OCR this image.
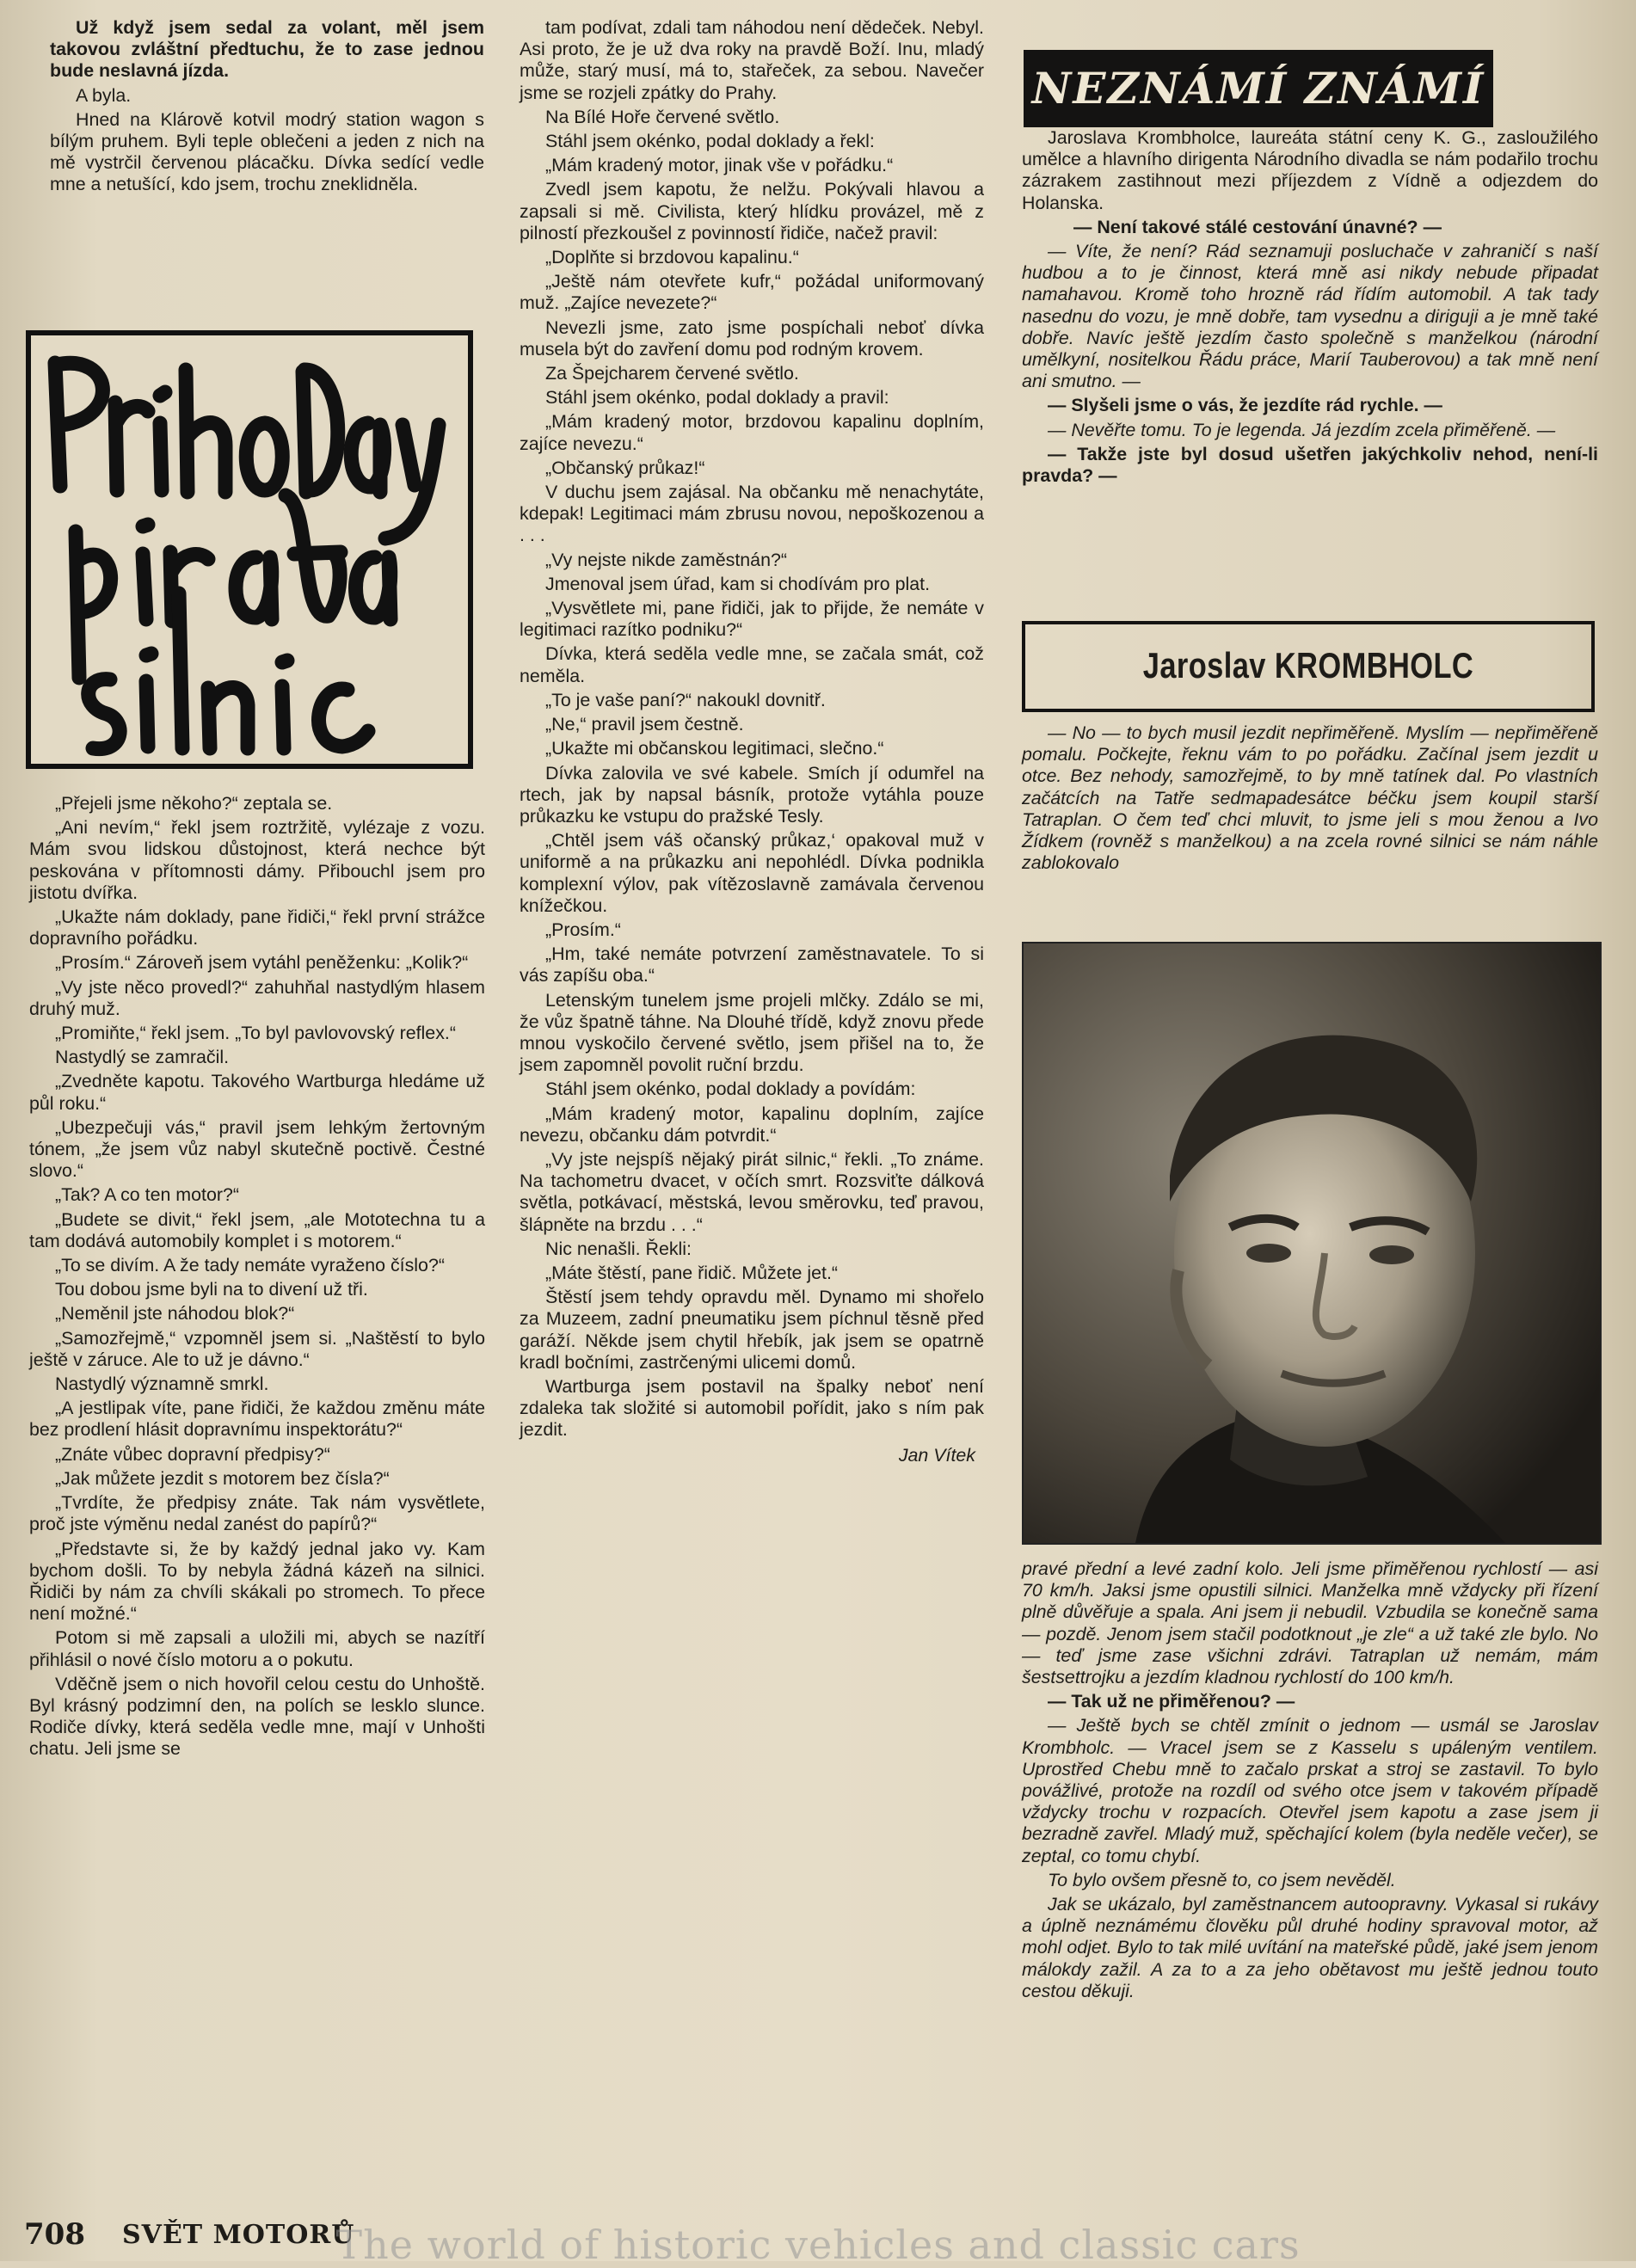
Už když jsem sedal za volant, měl jsem takovou zvláštní předtuchu, že to zase jednou bude neslavná jízda.

A byla.

Hned na Klárově kotvil modrý station wagon s bílým pruhem. Byli teple oblečeni a jeden z nich na mě vystrčil červenou plácačku. Dívka sedící vedle mne a netušící, kdo jsem, trochu zneklidněla.

„Přejeli jsme někoho?“ zeptala se.

„Ani nevím,“ řekl jsem roztržitě, vylézaje z vozu. Mám svou lidskou důstojnost, která nechce být peskována v přítomnosti dámy. Přibouchl jsem pro jistotu dvířka.

„Ukažte nám doklady, pane řidiči,“ řekl první strážce dopravního pořádku.

„Prosím.“ Zároveň jsem vytáhl peněženku: „Kolik?“

„Vy jste něco provedl?“ zahuhňal nastydlým hlasem druhý muž.

„Promiňte,“ řekl jsem. „To byl pavlovovský reflex.“

Nastydlý se zamračil.

„Zvedněte kapotu. Takového Wartburga hledáme už půl roku.“

„Ubezpečuji vás,“ pravil jsem lehkým žertovným tónem, „že jsem vůz nabyl skutečně poctivě. Čestné slovo.“

„Tak? A co ten motor?“

„Budete se divit,“ řekl jsem, „ale Mototechna tu a tam dodává automobily komplet i s motorem.“

„To se divím. A že tady nemáte vyraženo číslo?“

Tou dobou jsme byli na to divení už tři.

„Neměnil jste náhodou blok?“

„Samozřejmě,“ vzpomněl jsem si. „Naštěstí to bylo ještě v záruce. Ale to už je dávno.“

Nastydlý významně smrkl.

„A jestlipak víte, pane řidiči, že každou změnu máte bez prodlení hlásit dopravnímu inspektorátu?“

„Znáte vůbec dopravní předpisy?“

„Jak můžete jezdit s motorem bez čísla?“

„Tvrdíte, že předpisy znáte. Tak nám vysvětlete, proč jste výměnu nedal zanést do papírů?“

„Představte si, že by každý jednal jako vy. Kam bychom došli. To by nebyla žádná kázeň na silnici. Řidiči by nám za chvíli skákali po stromech. To přece není možné.“

Potom si mě zapsali a uložili mi, abych se nazítří přihlásil o nové číslo motoru a o pokutu.

Vděčně jsem o nich hovořil celou cestu do Unhoště. Byl krásný podzimní den, na polích se lesklo slunce. Rodiče dívky, která seděla vedle mne, mají v Unhošti chatu. Jeli jsme se

tam podívat, zdali tam náhodou není dědeček. Nebyl. Asi proto, že je už dva roky na pravdě Boží. Inu, mladý může, starý musí, má to, stařeček, za sebou. Navečer jsme se rozjeli zpátky do Prahy.

Na Bílé Hoře červené světlo.

Stáhl jsem okénko, podal doklady a řekl:

„Mám kradený motor, jinak vše v pořádku.“

Zvedl jsem kapotu, že nelžu. Pokývali hlavou a zapsali si mě. Civilista, který hlídku provázel, mě z pilností přezkoušel z povinností řidiče, načež pravil:

„Doplňte si brzdovou kapalinu.“

„Ještě nám otevřete kufr,“ požádal uniformovaný muž. „Zajíce nevezete?“

Nevezli jsme, zato jsme pospíchali neboť dívka musela být do zavření domu pod rodným krovem.

Za Špejcharem červené světlo.

Stáhl jsem okénko, podal doklady a pravil:

„Mám kradený motor, brzdovou kapalinu doplním, zajíce nevezu.“

„Občanský průkaz!“

V duchu jsem zajásal. Na občanku mě nenachytáte, kdepak! Legitimaci mám zbrusu novou, nepoškozenou a . . .

„Vy nejste nikde zaměstnán?“

Jmenoval jsem úřad, kam si chodívám pro plat.

„Vysvětlete mi, pane řidiči, jak to přijde, že nemáte v legitimaci razítko podniku?“

Dívka, která seděla vedle mne, se začala smát, což neměla.

„To je vaše paní?“ nakoukl dovnitř.

„Ne,“ pravil jsem čestně.

„Ukažte mi občanskou legitimaci, slečno.“

Dívka zalovila ve své kabele. Smích jí odumřel na rtech, jak by napsal básník, protože vytáhla pouze průkazku ke vstupu do pražské Tesly.

„Chtěl jsem váš očanský průkaz,‘ opakoval muž v uniformě a na průkazku ani nepohlédl. Dívka podnikla komplexní výlov, pak vítězoslavně zamávala červenou knížečkou.

„Prosím.“

„Hm, také nemáte potvrzení zaměstnavatele. To si vás zapíšu oba.“

Letenským tunelem jsme projeli mlčky. Zdálo se mi, že vůz špatně táhne. Na Dlouhé třídě, když znovu přede mnou vyskočilo červené světlo, jsem přišel na to, že jsem zapomněl povolit ruční brzdu.

Stáhl jsem okénko, podal doklady a povídám:

„Mám kradený motor, kapalinu doplním, zajíce nevezu, občanku dám potvrdit.“

„Vy jste nejspíš nějaký pirát silnic,“ řekli. „To známe. Na tachometru dvacet, v očích smrt. Rozsviťte dálková světla, potkávací, městská, levou směrovku, teď pravou, šlápněte na brzdu . . .“

Nic nenašli. Řekli:

„Máte štěstí, pane řidič. Můžete jet.“

Štěstí jsem tehdy opravdu měl. Dynamo mi shořelo za Muzeem, zadní pneumatiku jsem píchnul těsně před garáží. Někde jsem chytil hřebík, jak jsem se opatrně kradl bočními, zastrčenými ulicemi domů.

Wartburga jsem postavil na špalky neboť není zdaleka tak složité si automobil pořídit, jako s ním pak jezdit.

Jan Vítek
NEZNÁMÍ ZNÁMÍ

Jaroslava Krombholce, laureáta státní ceny K. G., zasloužilého umělce a hlavního dirigenta Národního divadla se nám podařilo trochu zázrakem zastihnout mezi příjezdem z Vídně a odjezdem do Holanska.

— Není takové stálé cestování únavné? —

— Víte, že není? Rád seznamuji posluchače v zahraničí s naší hudbou a to je činnost, která mně asi nikdy nebude připadat namahavou. Kromě toho hrozně rád řídím automobil. A tak tady nasednu do vozu, je mně dobře, tam vysednu a diriguji a je mně také dobře. Navíc ještě jezdím často společně s manželkou (národní umělkyní, nositelkou Řádu práce, Marií Tauberovou) a tak mně není ani smutno. —

— Slyšeli jsme o vás, že jezdíte rád rychle. —

— Nevěřte tomu. To je legenda. Já jezdím zcela přiměřeně. —

— Takže jste byl dosud ušetřen jakýchkoliv nehod, není-li pravda? —

Jaroslav KROMBHOLC

— No — to bych musil jezdit nepřiměřeně. Myslím — nepřiměřeně pomalu. Počkejte, řeknu vám to po pořádku. Začínal jsem jezdit u otce. Bez nehody, samozřejmě, to by mně tatínek dal. Po vlastních začátcích na Tatře sedmapadesátce béčku jsem koupil starší Tatraplan. O čem teď chci mluvit, to jsme jeli s mou ženou a Ivo Žídkem (rovněž s manželkou) a na zcela rovné silnici se nám náhle zablokovalo

pravé přední a levé zadní kolo. Jeli jsme přiměřenou rychlostí — asi 70 km/h. Jaksi jsme opustili silnici. Manželka mně vždycky při řízení plně důvěřuje a spala. Ani jsem ji nebudil. Vzbudila se konečně sama — pozdě. Jenom jsem stačil podotknout „je zle“ a už také zle bylo. No — teď jsme zase všichni zdrávi. Tatraplan už nemám, mám šestsettrojku a jezdím kladnou rychlostí do 100 km/h.

— Tak už ne přiměřenou? —

— Ještě bych se chtěl zmínit o jednom — usmál se Jaroslav Krombholc. — Vracel jsem se z Kasselu s upáleným ventilem. Uprostřed Chebu mně to začalo prskat a stroj se zastavil. To bylo povážlivé, protože na rozdíl od svého otce jsem v takovém případě vždycky trochu v rozpacích. Otevřel jsem kapotu a zase jsem ji bezradně zavřel. Mladý muž, spěchající kolem (byla neděle večer), se zeptal, co tomu chybí.

To bylo ovšem přesně to, co jsem nevěděl.

Jak se ukázalo, byl zaměstnancem autoopravny. Vykasal si rukávy a úplně neznámému člověku půl druhé hodiny spravoval motor, až mohl odjet. Bylo to tak milé uvítání na mateřské půdě, jaké jsem jenom málokdy zažil. A za to a za jeho obětavost mu ještě jednou touto cestou děkuji.

708 SVĚT MOTORŮ
The world of historic vehicles and classic cars
